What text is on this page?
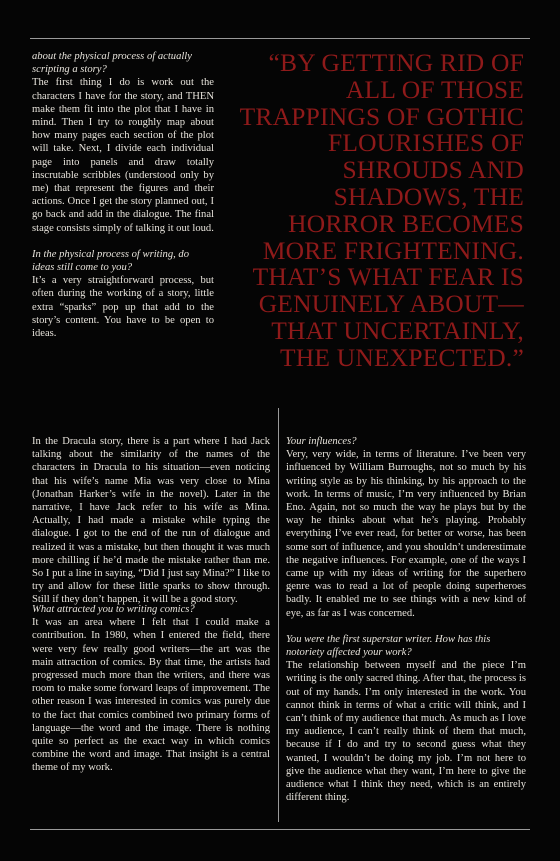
about the physical process of actually scripting a story?
The first thing I do is work out the characters I have for the story, and THEN make them fit into the plot that I have in mind. Then I try to roughly map about how many pages each section of the plot will take. Next, I divide each individual page into panels and draw totally inscrutable scribbles (understood only by me) that represent the figures and their actions. Once I get the story planned out, I go back and add in the dialogue. The final stage consists simply of talking it out loud.
In the physical process of writing, do ideas still come to you?
It’s a very straightforward process, but often during the working of a story, little extra “sparks” pop up that add to the story’s content. You have to be open to ideas.
“BY GETTING RID OF ALL OF THOSE TRAPPINGS OF GOTHIC FLOURISHES OF SHROUDS AND SHADOWS, THE HORROR BECOMES MORE FRIGHTENING. THAT’S WHAT FEAR IS GENUINELY ABOUT—THAT UNCERTAINLY, THE UNEXPECTED.”
In the Dracula story, there is a part where I had Jack talking about the similarity of the names of the characters in Dracula to his situation—even noticing that his wife’s name Mia was very close to Mina (Jonathan Harker’s wife in the novel). Later in the narrative, I have Jack refer to his wife as Mina. Actually, I had made a mistake while typing the dialogue. I got to the end of the run of dialogue and realized it was a mistake, but then thought it was much more chilling if he’d made the mistake rather than me. So I put a line in saying, “Did I just say Mina?” I like to try and allow for these little sparks to show through. Still if they don’t happen, it will be a good story.
What attracted you to writing comics?
It was an area where I felt that I could make a contribution. In 1980, when I entered the field, there were very few really good writers—the art was the main attraction of comics. By that time, the artists had progressed much more than the writers, and there was room to make some forward leaps of improvement. The other reason I was interested in comics was purely due to the fact that comics combined two primary forms of language—the word and the image. There is nothing quite so perfect as the exact way in which comics combine the word and image. That insight is a central theme of my work.
Your influences?
Very, very wide, in terms of literature. I’ve been very influenced by William Burroughs, not so much by his writing style as by his thinking, by his approach to the work. In terms of music, I’m very influenced by Brian Eno. Again, not so much the way he plays but by the way he thinks about what he’s playing. Probably everything I’ve ever read, for better or worse, has been some sort of influence, and you shouldn’t underestimate the negative influences. For example, one of the ways I came up with my ideas of writing for the superhero genre was to read a lot of people doing superheroes badly. It enabled me to see things with a new kind of eye, as far as I was concerned.
You were the first superstar writer. How has this notoriety affected your work?
The relationship between myself and the piece I’m writing is the only sacred thing. After that, the process is out of my hands. I’m only interested in the work. You cannot think in terms of what a critic will think, and I can’t think of my audience that much. As much as I love my audience, I can’t really think of them that much, because if I do and try to second guess what they wanted, I wouldn’t be doing my job. I’m not here to give the audience what they want, I’m here to give the audience what I think they need, which is an entirely different thing.
